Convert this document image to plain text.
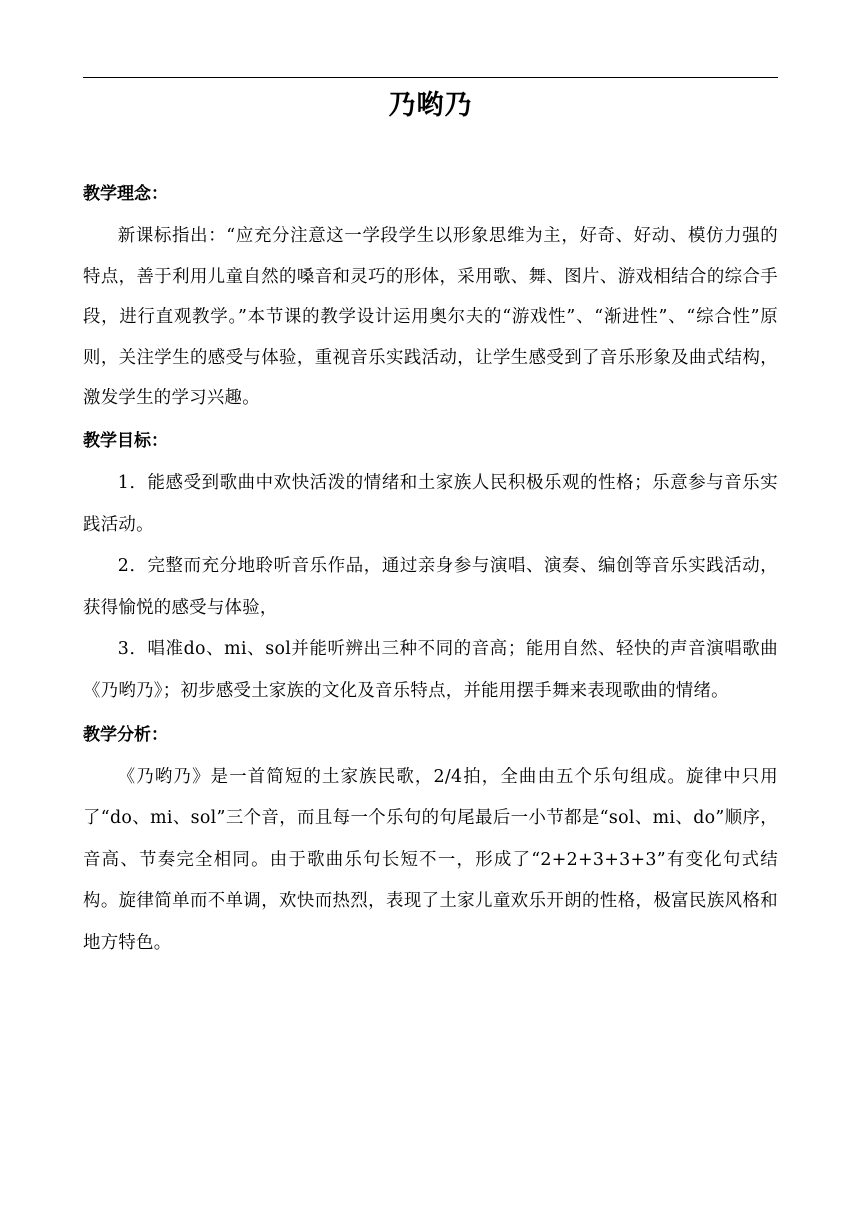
乃哟乃
教学理念：

新课标指出：“应充分注意这一学段学生以形象思维为主，好奇、好动、模仿力强的特点，善于利用儿童自然的嗓音和灵巧的形体，采用歌、舞、图片、游戏相结合的综合手段，进行直观教学。”本节课的教学设计运用奥尔夫的“游戏性”、“渐进性”、“综合性”原则，关注学生的感受与体验，重视音乐实践活动，让学生感受到了音乐形象及曲式结构，激发学生的学习兴趣。

教学目标：

1．能感受到歌曲中欢快活泼的情绪和土家族人民积极乐观的性格；乐意参与音乐实践活动。

2．完整而充分地聆听音乐作品，通过亲身参与演唱、演奏、编创等音乐实践活动，获得愉悦的感受与体验，

3．唱准do、mi、sol并能听辨出三种不同的音高；能用自然、轻快的声音演唱歌曲《乃哟乃》；初步感受土家族的文化及音乐特点，并能用摆手舞来表现歌曲的情绪。

教学分析：

《乃哟乃》是一首简短的土家族民歌，2/4拍，全曲由五个乐句组成。旋律中只用了“do、mi、sol”三个音，而且每一个乐句的句尾最后一小节都是“sol、mi、do”顺序，音高、节奏完全相同。由于歌曲乐句长短不一，形成了“2+2+3+3+3”有变化句式结构。旋律简单而不单调，欢快而热烈，表现了土家儿童欢乐开朗的性格，极富民族风格和地方特色。
